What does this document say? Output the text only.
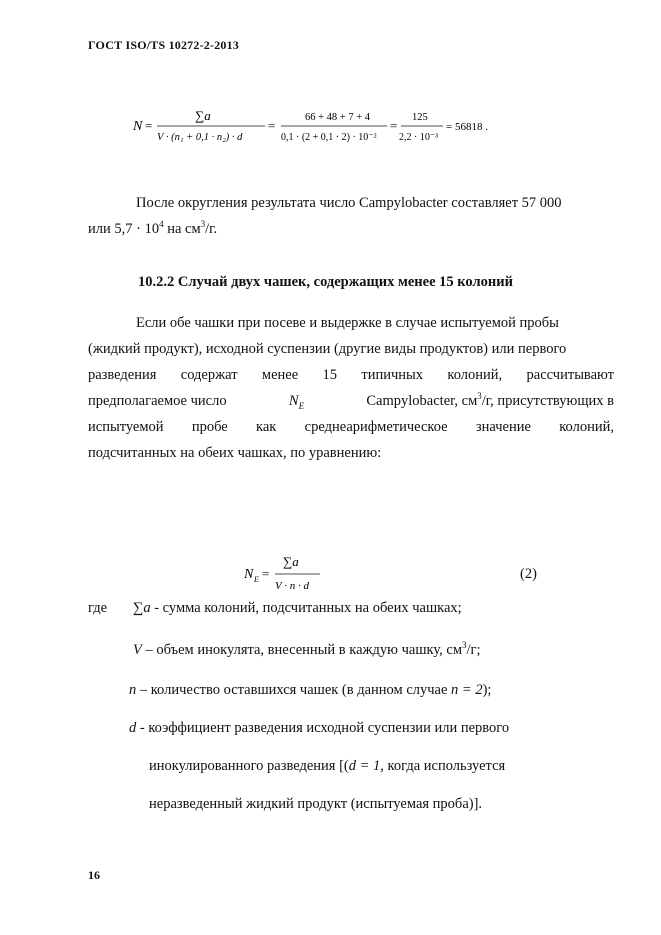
ГОСТ ISO/TS 10272-2-2013
N =
∑a
V · (n₁ + 0,1 · n₂) · d
=
66 + 48 + 7 + 4
0,1 · (2 + 0,1 · 2) · 10⁻²
=
125
2,2 · 10⁻³
= 56818 .
После округления результата число Campylobacter составляет 57 000
или $5,7 \cdot 10^4$ на $см^3/г$.
10.2.2 Случай двух чашек, содержащих менее 15 колоний
Если обе чашки при посеве и выдержке в случае испытуемой пробы
(жидкий продукт), исходной суспензии (другие виды продуктов) или первого
разведения содержат менее 15 типичных колоний, рассчитывают
предполагаемое число	$N_E$	Campylobacter, $см^3/г$, присутствующих в
испытуемой пробе как среднеарифметическое значение колоний,
подсчитанных на обеих чашках, по уравнению:
N E =
∑a
V · n · d
(2)
где ∑a - сумма колоний, подсчитанных на обеих чашках;
V – объем инокулята, внесенный в каждую чашку, $см^3/г$;
n – количество оставшихся чашек (в данном случае n = 2);
d - коэффициент разведения исходной суспензии или первого
инокулированного разведения [(d = 1, когда используется
неразведенный жидкий продукт (испытуемая проба)].
16
